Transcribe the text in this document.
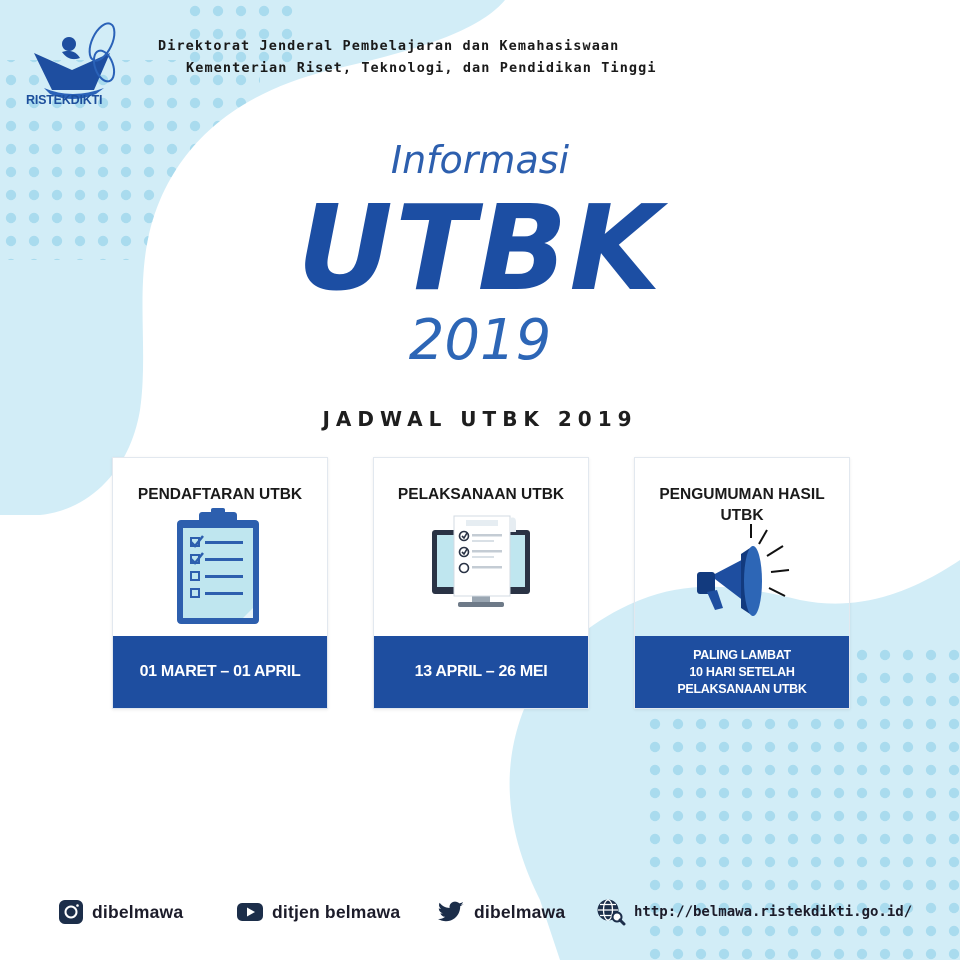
RISTEKDIKTI
Direktorat Jenderal Pembelajaran dan Kemahasiswaan
Kementerian Riset, Teknologi, dan Pendidikan Tinggi
Informasi
UTBK
2019
JADWAL UTBK 2019
PENDAFTARAN UTBK
01 MARET – 01 APRIL
PELAKSANAAN UTBK
13 APRIL – 26 MEI
PENGUMUMAN HASIL UTBK
PALING LAMBAT
10 HARI SETELAH
PELAKSANAAN UTBK
dibelmawa	ditjen belmawa	dibelmawa	http://belmawa.ristekdikti.go.id/
